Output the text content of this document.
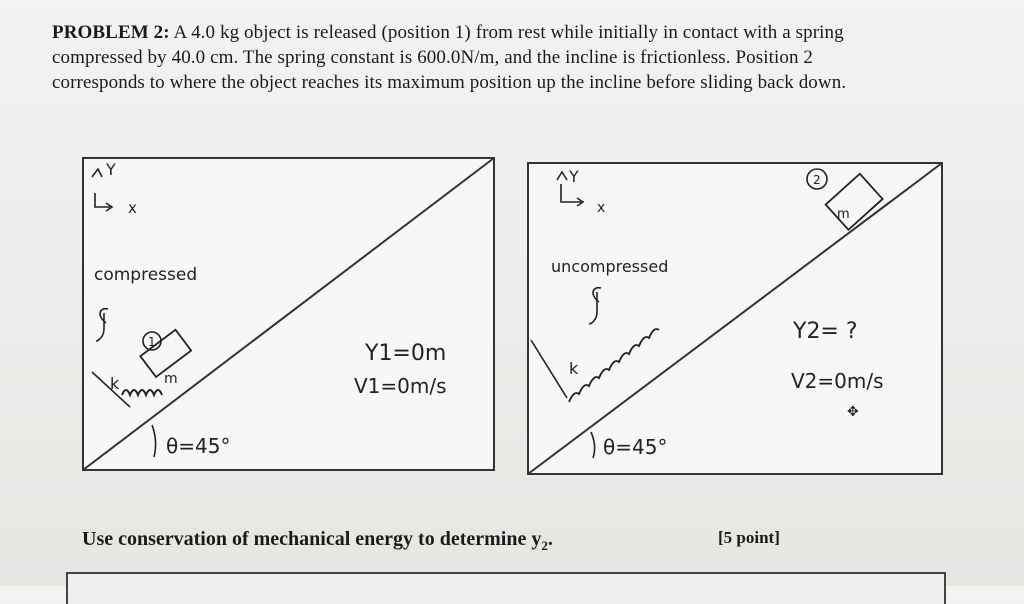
PROBLEM 2: A 4.0 kg object is released (position 1) from rest while initially in contact with a spring
compressed by 40.0 cm. The spring constant is 600.0N/m, and the incline is frictionless. Position 2
corresponds to where the object reaches its maximum position up the incline before sliding back down.
Y
x
compressed
1
k	m
Y1=0m
V1=0m/s
θ=45°
Y
x
uncompressed
k
2
m
Y2= ?
V2=0m/s
✥
θ=45°
Use conservation of mechanical energy to determine $y_2$.	[5 point]
